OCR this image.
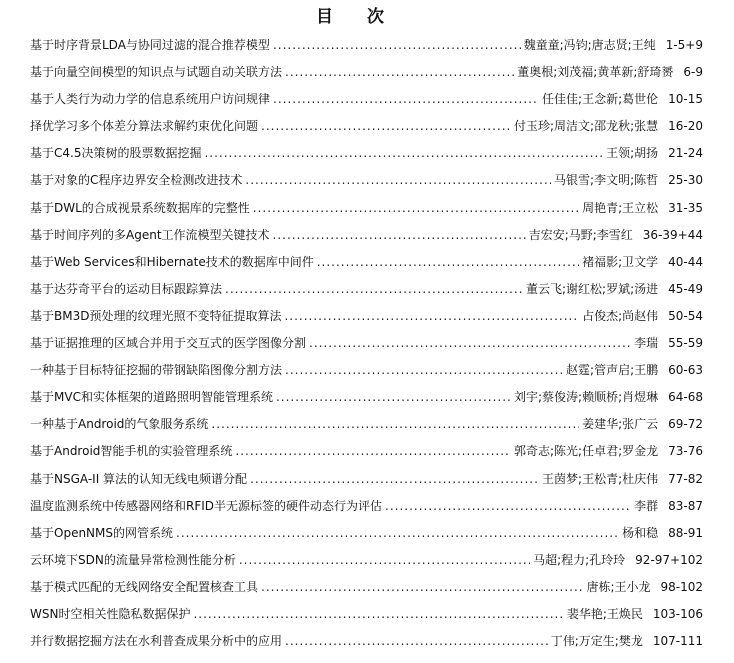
目 次
基于时序背景LDA与协同过滤的混合推荐模型 .....	魏童童;冯钧;唐志贤;王纯 1-5+9
基于向量空间模型的知识点与试题自动关联方法 .....	董奥根;刘茂福;黄革新;舒琦赟 6-9
基于人类行为动力学的信息系统用户访问规律 .....	任佳佳;王念新;葛世伦 10-15
择优学习多个体差分算法求解约束优化问题 .....	付玉珍;周洁文;邵龙秋;张慧 16-20
基于C4.5决策树的股票数据挖掘 .....	王领;胡扬 21-24
基于对象的C程序边界安全检测改进技术 .....	马银雪;李文明;陈哲 25-30
基于DWL的合成视景系统数据库的完整性 .....	周艳青;王立松 31-35
基于时间序列的多Agent工作流模型关键技术 .....	吉宏安;马野;李雪红 36-39+44
基于Web Services和Hibernate技术的数据库中间件 .....	褚福影;卫文学 40-44
基于达芬奇平台的运动目标跟踪算法 .....	董云飞;谢红松;罗斌;汤进 45-49
基于BM3D预处理的纹理光照不变特征提取算法 .....	占俊杰;尚赵伟 50-54
基于证据推理的区域合并用于交互式的医学图像分割 .....	李瑞 55-59
一种基于目标特征挖掘的带钢缺陷图像分割方法 .....	赵霆;管声启;王鹏 60-63
基于MVC和实体框架的道路照明智能管理系统 .....	刘宇;蔡俊涛;赖顺桥;肖煜琳 64-68
一种基于Android的气象服务系统 .....	姜建华;张广云 69-72
基于Android智能手机的实验管理系统 .....	郭奇志;陈光;任卓君;罗金龙 73-76
基于NSGA-II 算法的认知无线电频谱分配 .....	王茵梦;王松青;杜庆伟 77-82
温度监测系统中传感器网络和RFID半无源标签的硬件动态行为评估 .....	李群 83-87
基于OpenNMS的网管系统 .....	杨和稳 88-91
云环境下SDN的流量异常检测性能分析 .....	马超;程力;孔玲玲 92-97+102
基于模式匹配的无线网络安全配置核查工具 .....	唐栋;王小龙 98-102
WSN时空相关性隐私数据保护 .....	裴华艳;王焕民 103-106
并行数据挖掘方法在水利普查成果分析中的应用 .....	丁伟;万定生;樊龙 107-111
